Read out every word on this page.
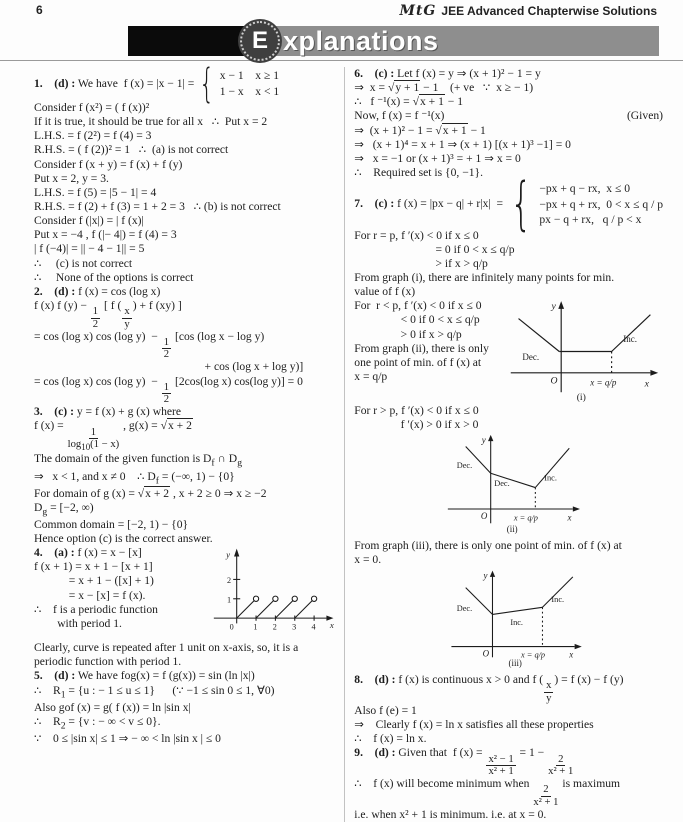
6	MtG JEE Advanced Chapterwise Solutions
E xplanations
1. (d) : We have  f (x) = |x − 1| = { x − 1    x ≥ 1
1 − x    x < 1
Consider f (x²) = ( f (x))²
If it is true, it should be true for all x   ∴  Put x = 2
L.H.S. = f (2²) = f (4) = 3
R.H.S. = ( f (2))² = 1   ∴  (a) is not correct
Consider f (x + y) = f (x) + f (y)
Put x = 2, y = 3.
L.H.S. = f (5) = |5 − 1| = 4
R.H.S. = f (2) + f (3) = 1 + 2 = 3   ∴ (b) is not correct
Consider f (|x|) = | f (x)|
Put x = −4 , f (|− 4|) = f (4) = 3
| f (−4)| = || − 4 − 1|| = 5
∴     (c) is not correct
∴     None of the options is correct
2. (d) : f (x) = cos (log x)
f (x) f (y) −
$\frac{1}{2}$
[ f (
$\frac{x}{y}$
) + f (xy) ]
= cos (log x) cos (log y)  −
$\frac{1}{2}$
[cos (log x − log y)
+ cos (log x + log y)]
= cos (log x) cos (log y)  −
$\frac{1}{2}$
[2cos(log x) cos(log y)] = 0
3. (c) : y = f (x) + g (x) where
f (x) =
$\frac{1}{\log_{10}(1 - x)}$
, g(x) = √x + 2
The domain of the given function is $D_f$ ∩ $D_g$
⇒   x < 1, and x ≠ 0    ∴ $D_f$ = (−∞, 1) − {0}
For domain of g (x) = √x + 2 , x + 2 ≥ 0 ⇒ x ≥ −2
$D_g = [-2$, ∞)
Common domain = [−2, 1) − {0}
Hence option (c) is the correct answer.
4. (a) : f (x) = x − [x]
f (x + 1) = x + 1 − [x + 1]
= x + 1 − ([x] + 1)
= x − [x] = f (x).
∴    f is a periodic function
with period 1.
y
x
1
2
0 1 2 3 4
Clearly, curve is repeated after 1 unit on x-axis, so, it is a
periodic function with period 1.
5. (d) : We have fog(x) = f (g(x)) = sin (ln |x|)
∴    $R_1 = \{u$ : − 1 ≤ u ≤ 1}      (∵ −1 ≤ sin 0 ≤ 1, ∀0)
Also gof (x) = g( f (x)) = ln |sin x|
∴    $R_2 = \{v$ : − ∞ < v ≤ 0}.
∵    0 ≤ |sin x| ≤ 1 ⇒ − ∞ < ln |sin x | ≤ 0
6. (c) : Let f (x) = y ⇒ (x + 1)² − 1 = y
⇒  x = √y + 1 − 1    (+ ve   ∵  x ≥ − 1)
∴   f ⁻¹(x) = √x + 1 − 1
Now, f (x) = f ⁻¹(x)	(Given)
⇒  (x + 1)² − 1 = √x + 1 − 1
⇒   (x + 1)⁴ = x + 1 ⇒ (x + 1) [(x + 1)³ −1] = 0
⇒   x = −1 or (x + 1)³ = + 1 ⇒ x = 0
∴    Required set is {0, −1}.
7. (c) : f (x) = |px − q| + r|x|  = { −px + q − rx,  x ≤ 0
−px + q + rx,  0 < x ≤ q / p
px − q + rx,   q / p < x
For r = p, f ′(x) < 0 if x ≤ 0
= 0 if 0 < x ≤ q/p
> if x > q/p
From graph (i), there are infinitely many points for min.
value of f (x)
For  r < p, f ′(x) < 0 if x ≤ 0
< 0 if 0 < x ≤ q/p
> 0 if x > q/p
From graph (ii), there is only
one point of min. of f (x) at
x = q/p
y
x
O
Dec.
Inc.
x = q/p
(i)
For r > p, f ′(x) < 0 if x ≤ 0
f ′(x) > 0 if x > 0
y
x
O
Dec.
Dec.
Inc.
x = q/p
(ii)
From graph (iii), there is only one point of min. of f (x) at
x = 0.
y
x
O
Dec.
Inc.
Inc.
x = q/p
(iii)
8. (d) : f (x) is continuous x > 0 and f (
$\frac{x}{y}$
) = f (x) − f (y)
Also f (e) = 1
⇒    Clearly f (x) = ln x satisfies all these properties
∴    f (x) = ln x.
9. (d) : Given that  f (x) =
$\frac{\text{x² − 1}}{\text{x² + 1}}$
= 1 −
$\frac{2}{\text{x² + 1}}$
∴    f (x) will become minimum when
$\frac{2}{\text{x² + 1}}$
is maximum
i.e. when x² + 1 is minimum. i.e. at x = 0.
